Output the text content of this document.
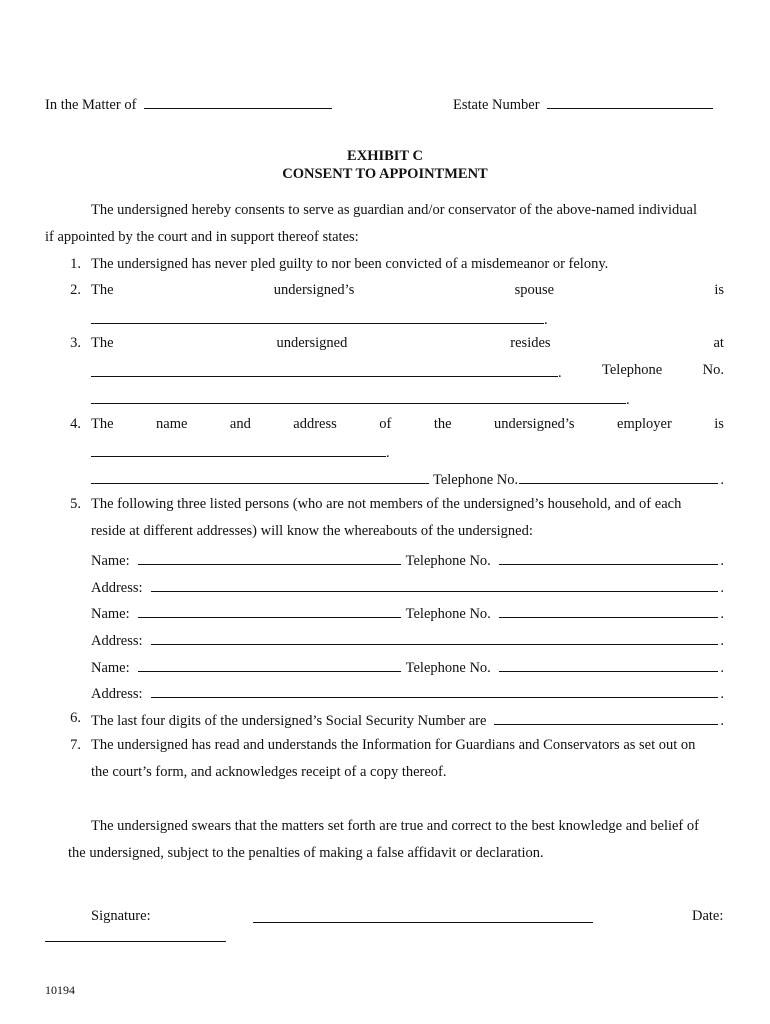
In the Matter of	Estate Number
EXHIBIT C
CONSENT TO APPOINTMENT
The undersigned hereby consents to serve as guardian and/or conservator of the above-named individual
if appointed by the court and in support thereof states:
1. The undersigned has never pled guilty to nor been convicted of a misdemeanor or felony.
2. The	undersigned’s	spouse	is
.
3. The	undersigned	resides	at
.	Telephone	No.
.
4. The	name	and	address	of	the	undersigned’s	employer	is
.
Telephone No.	.
5. The following three listed persons (who are not members of the undersigned’s household, and of each
reside at different addresses) will know the whereabouts of the undersigned:
Name:	Telephone No.	.
Address:	.
Name:	Telephone No.	.
Address:	.
Name:	Telephone No.	.
Address:	.
6. The last four digits of the undersigned’s Social Security Number are	.
7. The undersigned has read and understands the Information for Guardians and Conservators as set out on
the court’s form, and acknowledges receipt of a copy thereof.
The undersigned swears that the matters set forth are true and correct to the best knowledge and belief of
the undersigned, subject to the penalties of making a false affidavit or declaration.
Signature:	Date:
10194
